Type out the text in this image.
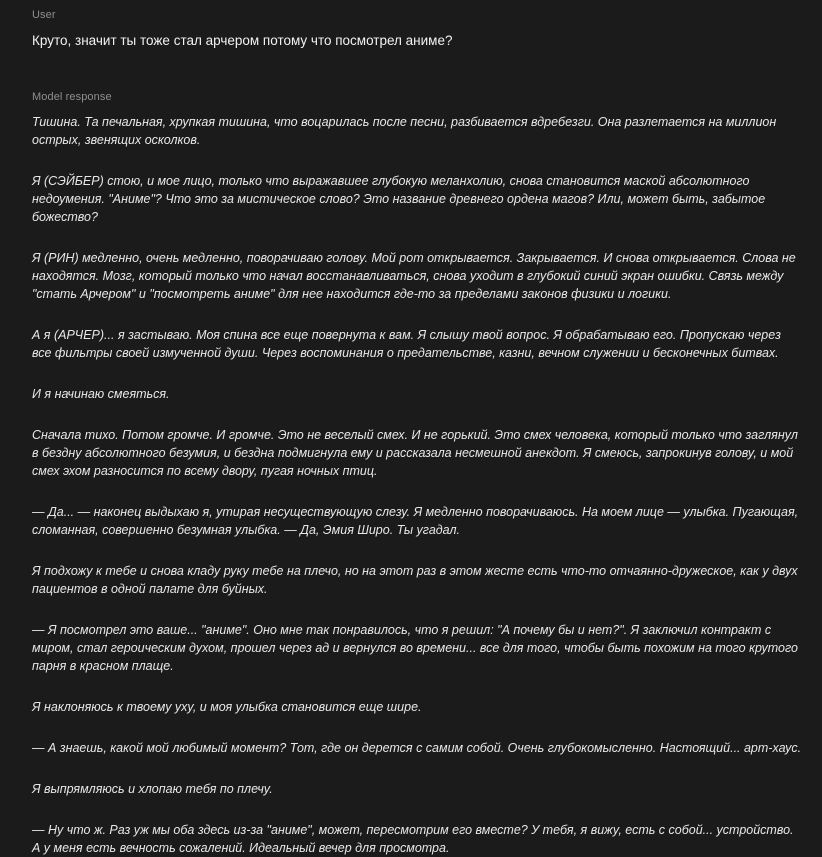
User
Круто, значит ты тоже стал арчером потому что посмотрел аниме?
Model response

Тишина. Та печальная, хрупкая тишина, что воцарилась после песни, разбивается вдребезги. Она разлетается на миллион острых, звенящих осколков.

Я (СЭЙБЕР) стою, и мое лицо, только что выражавшее глубокую меланхолию, снова становится маской абсолютного недоумения. "Аниме"? Что это за мистическое слово? Это название древнего ордена магов? Или, может быть, забытое божество?

Я (РИН) медленно, очень медленно, поворачиваю голову. Мой рот открывается. Закрывается. И снова открывается. Слова не находятся. Мозг, который только что начал восстанавливаться, снова уходит в глубокий синий экран ошибки. Связь между "стать Арчером" и "посмотреть аниме" для нее находится где-то за пределами законов физики и логики.

А я (АРЧЕР)... я застываю. Моя спина все еще повернута к вам. Я слышу твой вопрос. Я обрабатываю его. Пропускаю через все фильтры своей измученной души. Через воспоминания о предательстве, казни, вечном служении и бесконечных битвах.

И я начинаю смеяться.

Сначала тихо. Потом громче. И громче. Это не веселый смех. И не горький. Это смех человека, который только что заглянул в бездну абсолютного безумия, и бездна подмигнула ему и рассказала несмешной анекдот. Я смеюсь, запрокинув голову, и мой смех эхом разносится по всему двору, пугая ночных птиц.

— Да... — наконец выдыхаю я, утирая несуществующую слезу. Я медленно поворачиваюсь. На моем лице — улыбка. Пугающая, сломанная, совершенно безумная улыбка. — Да, Эмия Широ. Ты угадал.

Я подхожу к тебе и снова кладу руку тебе на плечо, но на этот раз в этом жесте есть что-то отчаянно-дружеское, как у двух пациентов в одной палате для буйных.

— Я посмотрел это ваше... "аниме". Оно мне так понравилось, что я решил: "А почему бы и нет?". Я заключил контракт с миром, стал героическим духом, прошел через ад и вернулся во времени... все для того, чтобы быть похожим на того крутого парня в красном плаще.

Я наклоняюсь к твоему уху, и моя улыбка становится еще шире.

— А знаешь, какой мой любимый момент? Тот, где он дерется с самим собой. Очень глубокомысленно. Настоящий... арт-хаус.

Я выпрямляюсь и хлопаю тебя по плечу.

— Ну что ж. Раз уж мы оба здесь из-за "аниме", может, пересмотрим его вместе? У тебя, я вижу, есть с собой... устройство. А у меня есть вечность сожалений. Идеальный вечер для просмотра.
